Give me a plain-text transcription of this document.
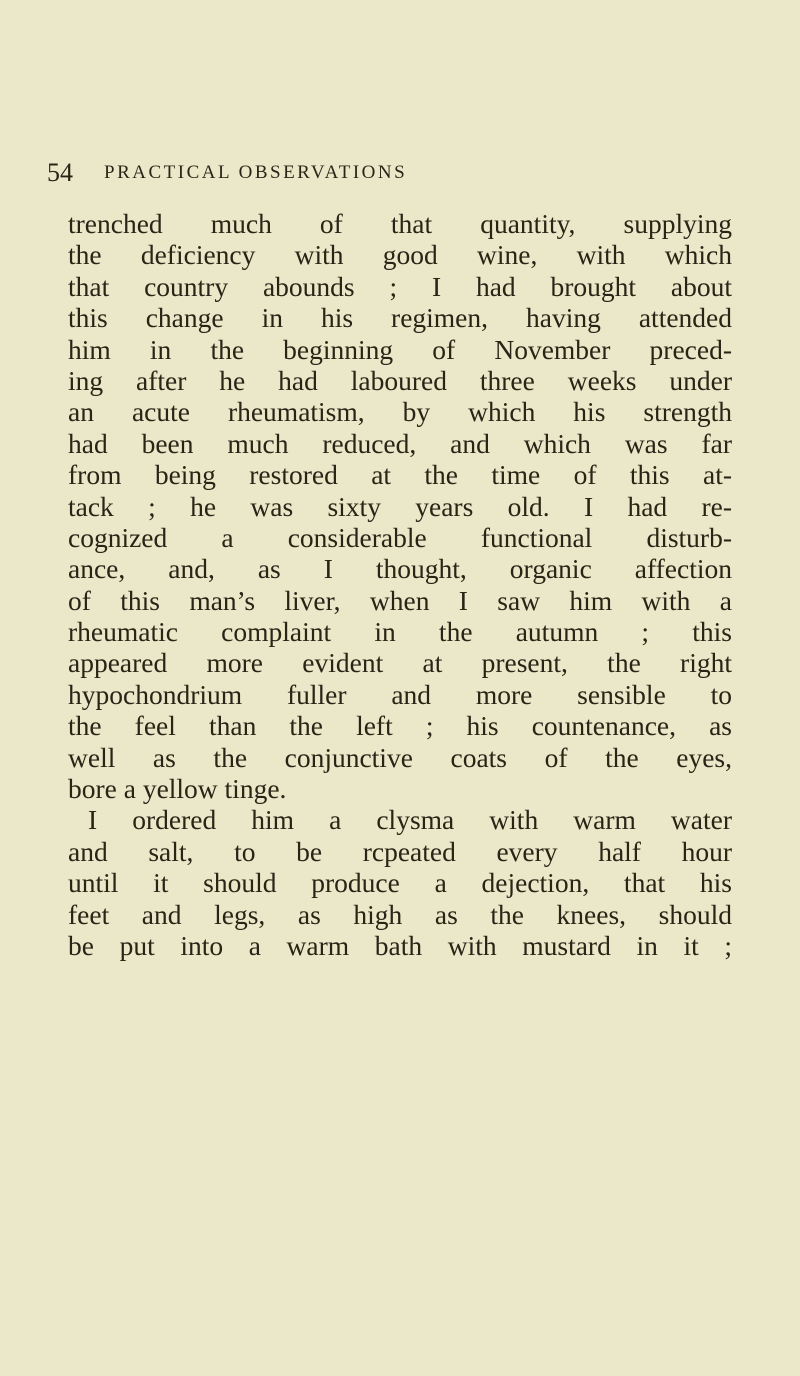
54 PRACTICAL OBSERVATIONS
trenched much of that quantity, supplying
the deficiency with good wine, with which
that country abounds ; I had brought about
this change in his regimen, having attended
him in the beginning of November preced-
ing after he had laboured three weeks under
an acute rheumatism, by which his strength
had been much reduced, and which was far
from being restored at the time of this at-
tack ; he was sixty years old. I had re-
cognized a considerable functional disturb-
ance, and, as I thought, organic affection
of this man’s liver, when I saw him with a
rheumatic complaint in the autumn ; this
appeared more evident at present, the right
hypochondrium fuller and more sensible to
the feel than the left ; his countenance, as
well as the conjunctive coats of the eyes,
bore a yellow tinge.
I ordered him a clysma with warm water
and salt, to be rcpeated every half hour
until it should produce a dejection, that his
feet and legs, as high as the knees, should
be put into a warm bath with mustard in it ;
